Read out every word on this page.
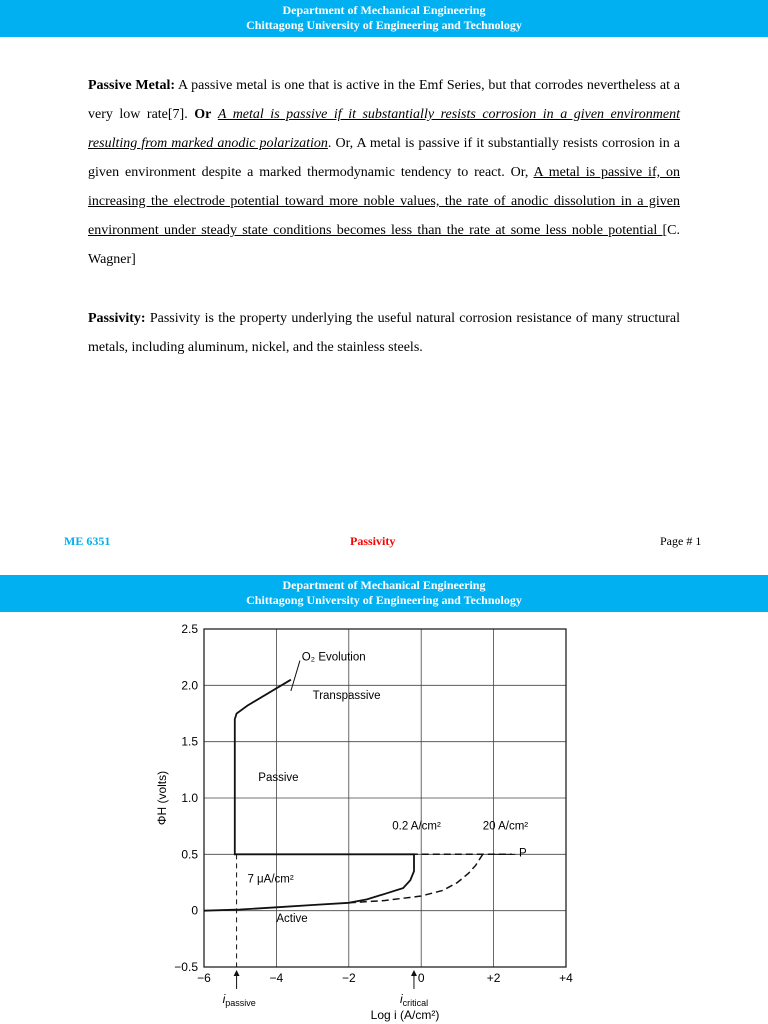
Department of Mechanical Engineering
Chittagong University of Engineering and Technology
Passive Metal: A passive metal is one that is active in the Emf Series, but that corrodes nevertheless at a very low rate[7]. Or A metal is passive if it substantially resists corrosion in a given environment resulting from marked anodic polarization. Or, A metal is passive if it substantially resists corrosion in a given environment despite a marked thermodynamic tendency to react. Or, A metal is passive if, on increasing the electrode potential toward more noble values, the rate of anodic dissolution in a given environment under steady state conditions becomes less than the rate at some less noble potential [C. Wagner]
Passivity: Passivity is the property underlying the useful natural corrosion resistance of many structural metals, including aluminum, nickel, and the stainless steels.
ME 6351	Passivity	Page # 1
Department of Mechanical Engineering
Chittagong University of Engineering and Technology
−0.5
0
0.5
1.0
1.5
2.0
2.5
−6	−4	−2	0	+2	+4
Log i (A/cm²)
ΦH (volts)
O₂ Evolution
Transpassive
Passive
0.2 A/cm²	20 A/cm²
P
7 μA/cm²
Active
$i_{passive}$	$i_{critical}$
